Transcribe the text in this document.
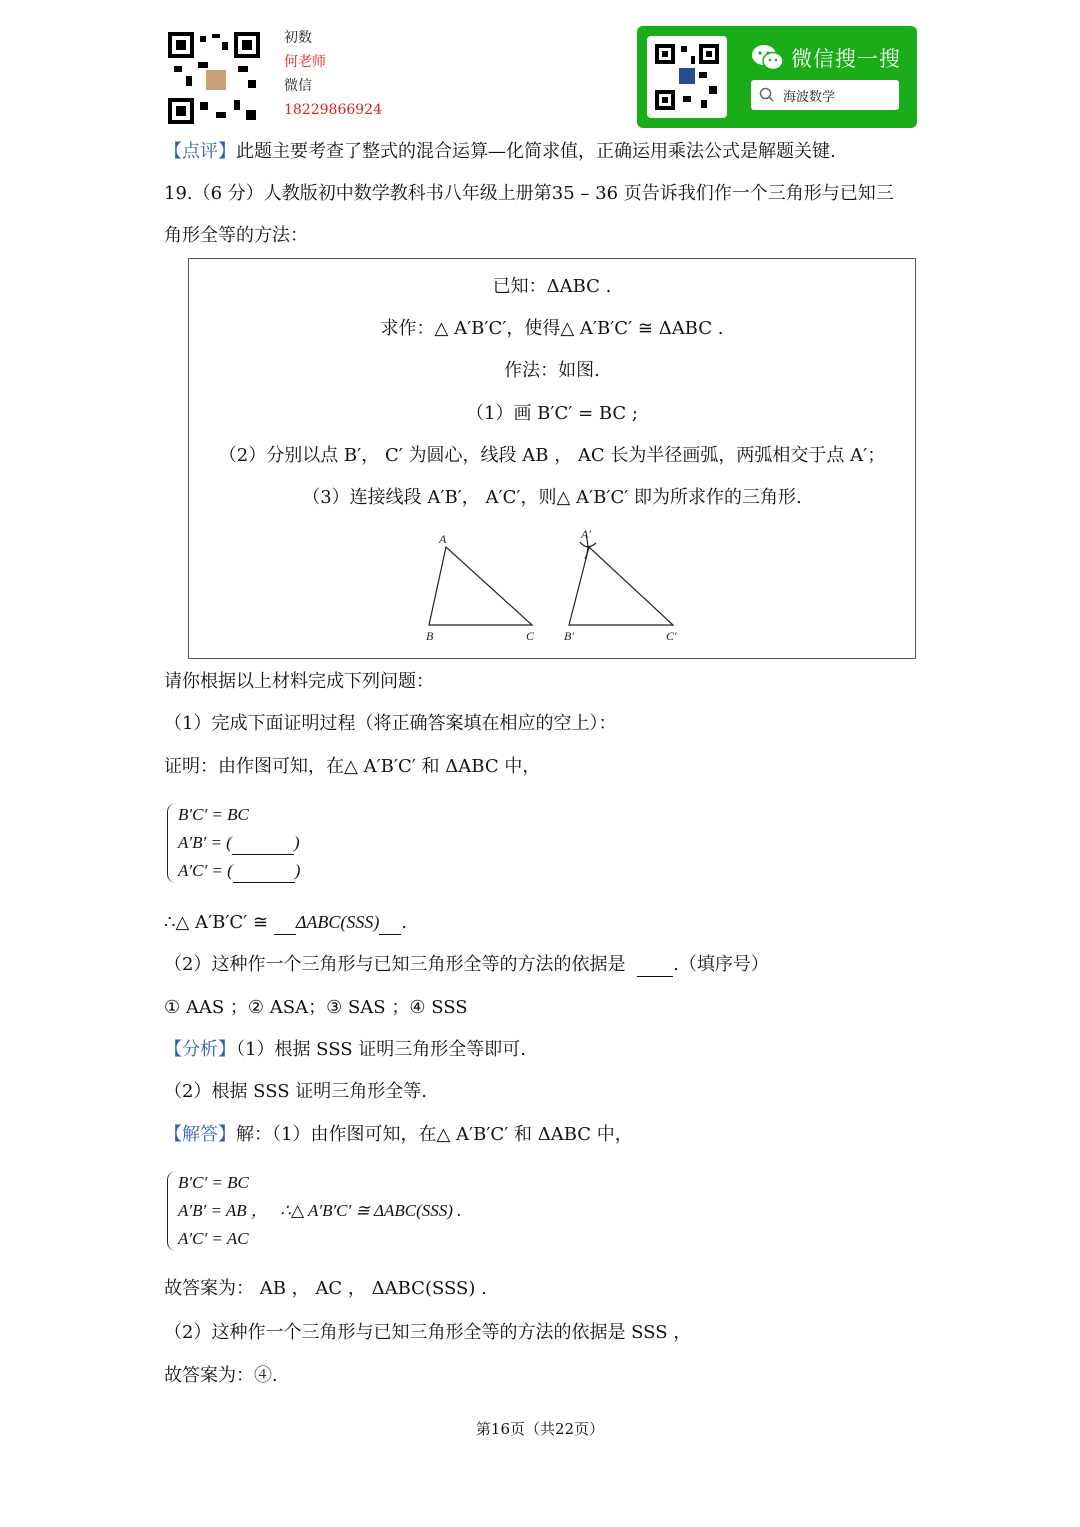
初数
何老师
微信
18229866924
微信搜一搜
海波数学
【点评】此题主要考查了整式的混合运算—化简求值，正确运用乘法公式是解题关键.
19.（6 分）人教版初中数学教科书八年级上册第35 – 36 页告诉我们作一个三角形与已知三
角形全等的方法：
已知：ΔABC .
求作：△ A′B′C′，使得△ A′B′C′ ≅ ΔABC .
作法：如图.
（1）画 B′C′ = BC ;
（2）分别以点 B′， C′ 为圆心，线段 AB ， AC 长为半径画弧，两弧相交于点 A′；
（3）连接线段 A′B′， A′C′，则△ A′B′C′ 即为所求作的三角形.
A
B	C
A′
B′	C′
请你根据以上材料完成下列问题：
（1）完成下面证明过程（将正确答案填在相应的空上）：
证明：由作图可知，在△ A′B′C′ 和 ΔABC 中，
B′C′ = BC
A′B′ = (	)
A′C′ = (	)
∴△ A′B′C′ ≅ ΔABC(SSS) .
（2）这种作一个三角形与已知三角形全等的方法的依据是	.（填序号）
① AAS ；② ASA；③ SAS ；④ SSS
【分析】（1）根据 SSS 证明三角形全等即可.
（2）根据 SSS 证明三角形全等.
【解答】解：（1）由作图可知，在△ A′B′C′ 和 ΔABC 中，
B′C′ = BC
A′B′ = AB ， ∴△ A′B′C′ ≅ ΔABC(SSS) .
A′C′ = AC
故答案为： AB ， AC ， ΔABC(SSS) .
（2）这种作一个三角形与已知三角形全等的方法的依据是 SSS ，
故答案为：④.
第16页（共22页）
